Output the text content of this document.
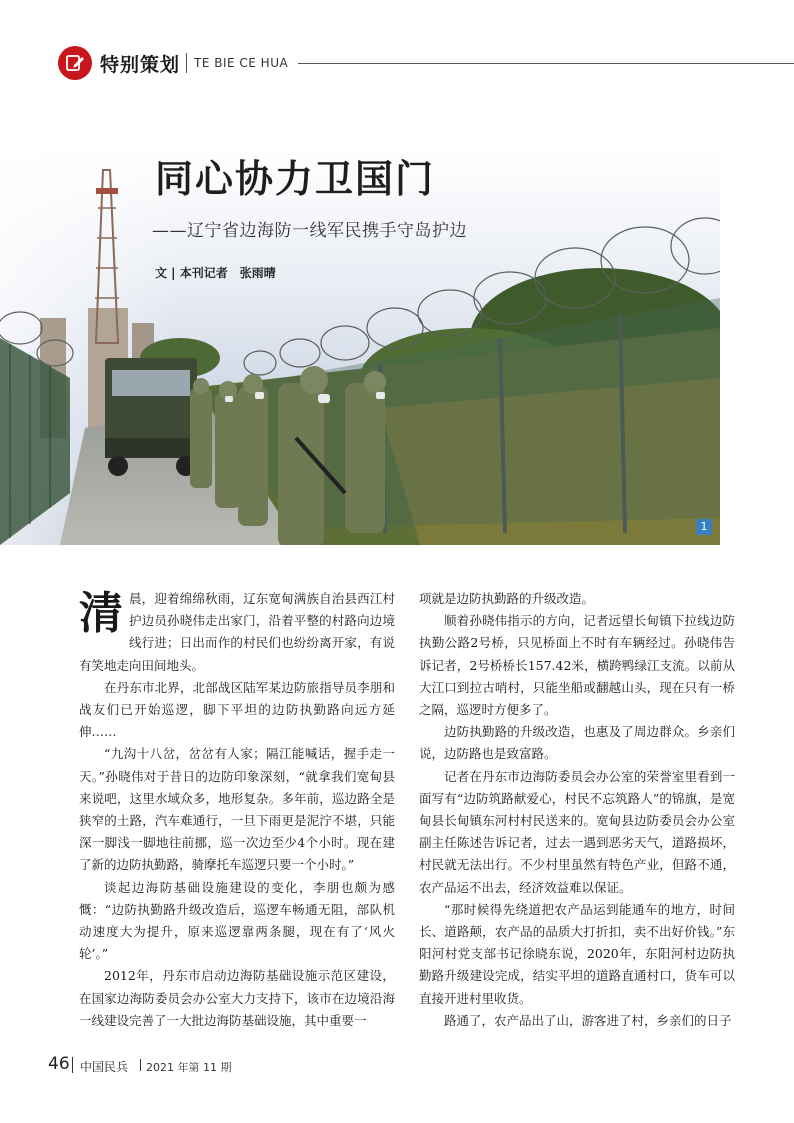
特别策划 TE BIE CE HUA
同心协力卫国门
——辽宁省边海防一线军民携手守岛护边
文 | 本刊记者 张雨晴
1

清晨，迎着绵绵秋雨，辽东宽甸满族自治县西江村护边员孙晓伟走出家门，沿着平整的村路向边境线行进；日出而作的村民们也纷纷离开家，有说有笑地走向田间地头。

在丹东市北界，北部战区陆军某边防旅指导员李朋和战友们已开始巡逻，脚下平坦的边防执勤路向远方延伸……

“九沟十八岔，岔岔有人家；隔江能喊话，握手走一天。”孙晓伟对于昔日的边防印象深刻，“就拿我们宽甸县来说吧，这里水域众多，地形复杂。多年前，巡边路全是狭窄的土路，汽车难通行，一旦下雨更是泥泞不堪，只能深一脚浅一脚地往前挪，巡一次边至少4个小时。现在建了新的边防执勤路，骑摩托车巡逻只要一个小时。”

谈起边海防基础设施建设的变化，李朋也颇为感慨：“边防执勤路升级改造后，巡逻车畅通无阻，部队机动速度大为提升，原来巡逻靠两条腿，现在有了‘风火轮’。”

2012年，丹东市启动边海防基础设施示范区建设，在国家边海防委员会办公室大力支持下，该市在边境沿海一线建设完善了一大批边海防基础设施，其中重要一

项就是边防执勤路的升级改造。

顺着孙晓伟指示的方向，记者远望长甸镇下拉线边防执勤公路2号桥，只见桥面上不时有车辆经过。孙晓伟告诉记者，2号桥桥长157.42米，横跨鸭绿江支流。以前从大江口到拉古哨村，只能坐船或翻越山头，现在只有一桥之隔，巡逻时方便多了。

边防执勤路的升级改造，也惠及了周边群众。乡亲们说，边防路也是致富路。

记者在丹东市边海防委员会办公室的荣誉室里看到一面写有“边防筑路献爱心，村民不忘筑路人”的锦旗，是宽甸县长甸镇东河村村民送来的。宽甸县边防委员会办公室副主任陈述告诉记者，过去一遇到恶劣天气，道路损坏，村民就无法出行。不少村里虽然有特色产业，但路不通，农产品运不出去，经济效益难以保证。

“那时候得先绕道把农产品运到能通车的地方，时间长、道路颠，农产品的品质大打折扣，卖不出好价钱。”东阳河村党支部书记徐晓东说，2020年，东阳河村边防执勤路升级建设完成，结实平坦的道路直通村口，货车可以直接开进村里收货。

路通了，农产品出了山，游客进了村，乡亲们的日子

46 中国民兵 2021 年第 11 期
